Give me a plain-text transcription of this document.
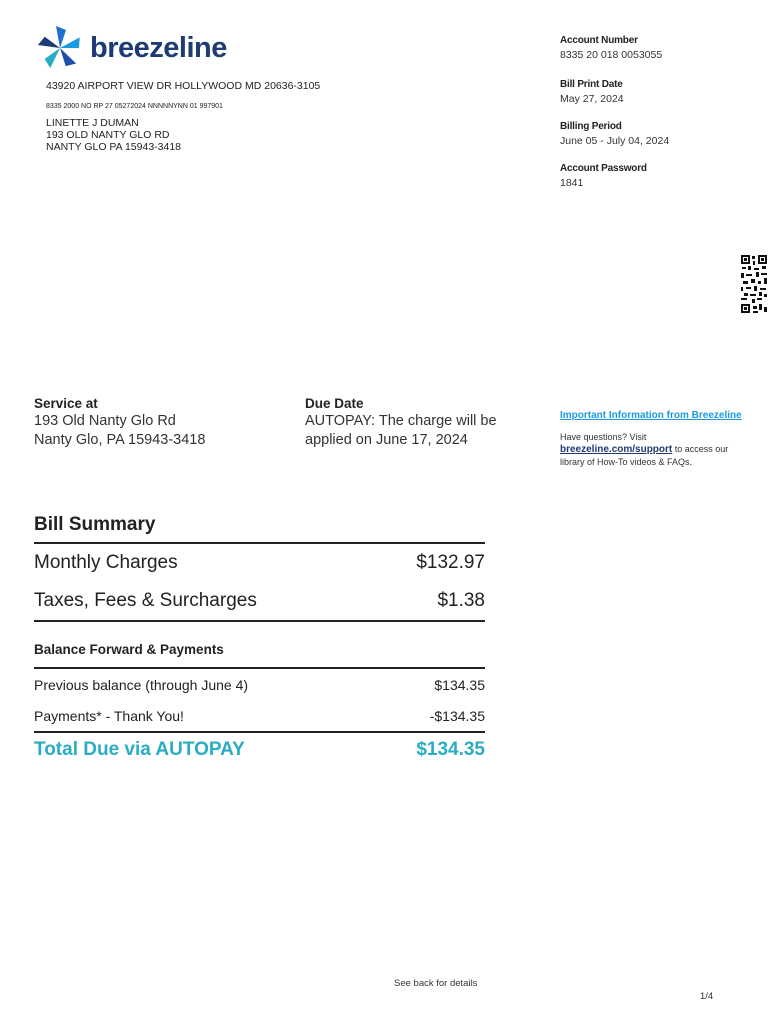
breezeline
43920 AIRPORT VIEW DR HOLLYWOOD MD 20636-3105
8335 2000 NO RP 27 05272024 NNNNNYNN 01 997901
LINETTE J DUMAN
193 OLD NANTY GLO RD
NANTY GLO PA 15943-3418
Account Number
8335 20 018 0053055
Bill Print Date
May 27, 2024
Billing Period
June 05 - July 04, 2024
Account Password
1841
Service at
193 Old Nanty Glo Rd
Nanty Glo, PA 15943-3418
Due Date
AUTOPAY: The charge will be applied on June 17, 2024
Important Information from Breezeline
Have questions? Visit
breezeline.com/support to access our library of How-To videos & FAQs.
Bill Summary
Monthly Charges	$132.97
Taxes, Fees & Surcharges	$1.38
Balance Forward & Payments
Previous balance (through June 4)	$134.35
Payments* - Thank You!	-$134.35
Total Due via AUTOPAY	$134.35
See back for details
1/4
